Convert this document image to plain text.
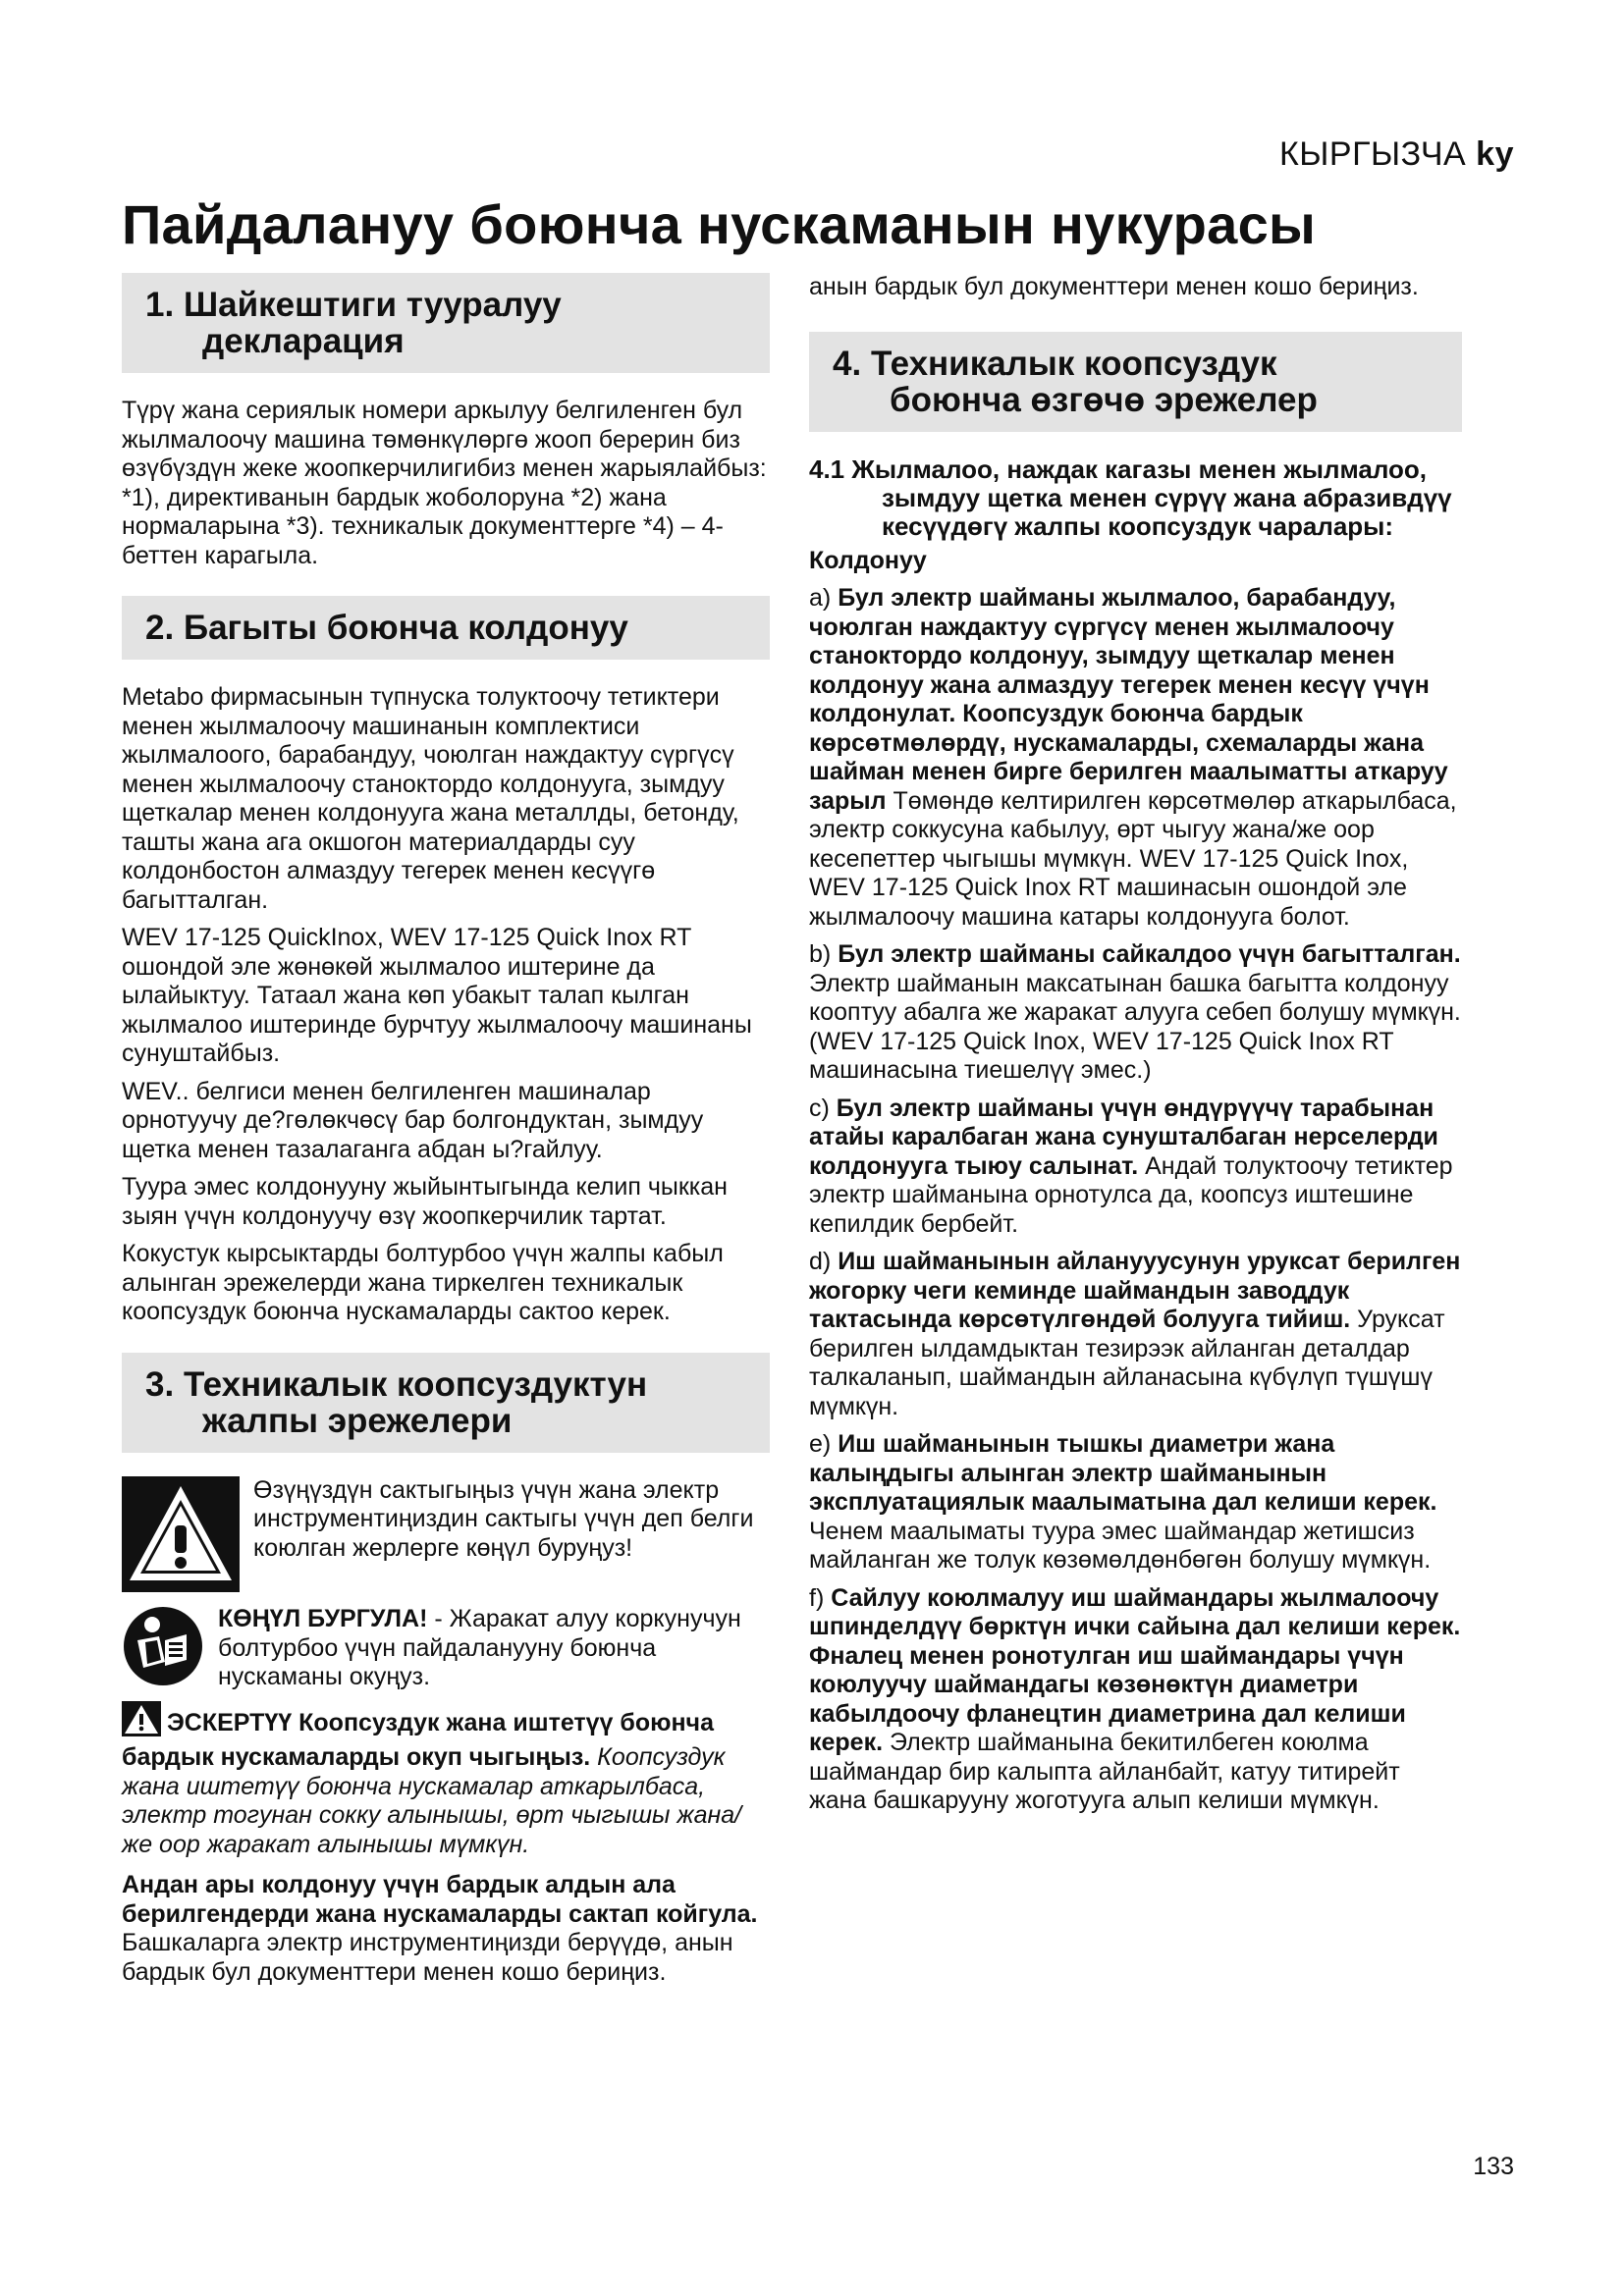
КЫРГЫЗЧА ky
Пайдалануу боюнча нускаманын нукурасы
1. Шайкештиги тууралуу
декларация

Түрү жана сериялык номери аркылуу белгиленген бул жылмалоочу машина төмөнкүлөргө жооп берерин биз өзүбүздүн жеке жоопкерчилигибиз менен жарыялайбыз: *1), директиванын бардык жоболоруна *2) жана нормаларына *3). техникалык документтерге *4) – 4-беттен карагыла.

2. Багыты боюнча колдонуу

Metabo фирмасынын түпнуска толуктоочу тетиктери менен жылмалоочу машинанын комплектиси жылмалоого, барабандуу, чоюлган наждактуу сүргүсү менен жылмалоочу станоктордо колдонууга, зымдуу щеткалар менен колдонууга жана металлды, бетонду, ташты жана ага окшогон материалдарды суу колдонбостон алмаздуу тегерек менен кесүүгө багытталган.

WEV 17-125 QuickInox, WEV 17-125 Quick Inox RT ошондой эле жөнөкөй жылмалоо иштерине да ылайыктуу. Татаал жана көп убакыт талап кылган жылмалоо иштеринде бурчтуу жылмалоочу машинаны сунуштайбыз.

WEV.. белгиси менен белгиленген машиналар орнотуучу де?гөлөкчөсү бар болгондуктан, зымдуу щетка менен тазалаганга абдан ы?гайлуу.

Туура эмес колдонууну жыйынтыгында келип чыккан зыян үчүн колдонуучу өзү жоопкерчилик тартат.

Кокустук кырсыктарды болтурбоо үчүн жалпы кабыл алынган эрежелерди жана тиркелген техникалык коопсуздук боюнча нускамаларды сактоо керек.

3. Техникалык коопсуздуктун
жалпы эрежелери
Өзүңүздүн сактыгыңыз үчүн жана электр инструментиңиздин сактыгы үчүн деп белги коюлган жерлерге көңүл буруңуз!
КӨҢҮЛ БУРГУЛА! - Жаракат алуу коркунучун болтурбоо үчүн пайдаланууну боюнча нускаманы окуңуз.

ЭСКЕРТҮҮ Коопсуздук жана иштетүү боюнча бардык нускамаларды окуп чыгыңыз. Коопсуздук жана иштетүү боюнча нускамалар аткарылбаса, электр тогунан сокку алынышы, өрт чыгышы жана/же оор жаракат алынышы мүмкүн.

Андан ары колдонуу үчүн бардык алдын ала берилгендерди жана нускамаларды сактап койгула.

Башкаларга электр инструментиңизди берүүдө, анын бардык бул документтери менен кошо бериңиз.

анын бардык бул документтери менен кошо бериңиз.

4. Техникалык коопсуздук
боюнча өзгөчө эрежелер

4.1 Жылмалоо, наждак кагазы менен жылмалоо, зымдуу щетка менен сүрүү жана абразивдүү кесүүдөгү жалпы коопсуздук чаралары:

Колдонуу

a) Бул электр шайманы жылмалоо, барабандуу, чоюлган наждактуу сүргүсү менен жылмалоочу станоктордо колдонуу, зымдуу щеткалар менен колдонуу жана алмаздуу тегерек менен кесүү үчүн колдонулат. Коопсуздук боюнча бардык көрсөтмөлөрдү, нускамаларды, схемаларды жана шайман менен бирге берилген маалыматты аткаруу зарыл Төмөндө келтирилген көрсөтмөлөр аткарылбаса, электр соккусуна кабылуу, өрт чыгуу жана/же оор кесепеттер чыгышы мүмкүн. WEV 17-125 Quick Inox, WEV 17-125 Quick Inox RT машинасын ошондой эле жылмалоочу машина катары колдонууга болот.

b) Бул электр шайманы сайкалдоо үчүн багытталган. Электр шайманын максатынан башка багытта колдонуу кооптуу абалга же жаракат алууга себеп болушу мүмкүн. (WEV 17-125 Quick Inox, WEV 17-125 Quick Inox RT машинасына тиешелүү эмес.)

c) Бул электр шайманы үчүн өндүрүүчү тарабынан атайы каралбаган жана сунушталбаган нерселерди колдонууга тыюу салынат. Андай толуктоочу тетиктер электр шайманына орнотулса да, коопсуз иштешине кепилдик бербейт.

d) Иш шайманынын айланууусунун уруксат берилген жогорку чеги кеминде шаймандын заводдук тактасында көрсөтүлгөндөй болууга тийиш. Уруксат берилген ылдамдыктан тезирээк айланган деталдар талкаланып, шаймандын айланасына күбүлүп түшүшү мүмкүн.

e) Иш шайманынын тышкы диаметри жана калыңдыгы алынган электр шайманынын эксплуатациялык маалыматына дал келиши керек. Ченем маалыматы туура эмес шаймандар жетишсиз майланган же толук көзөмөлдөнбөгөн болушу мүмкүн.

f) Сайлуу коюлмалуу иш шаймандары жылмалоочу шпинделдүү бөрктүн ички сайына дал келиши керек. Фналец менен ронотулган иш шаймандары үчүн коюлуучу шаймандагы көзөнөктүн диаметри кабылдоочу фланецтин диаметрина дал келиши керек. Электр шайманына бекитилбеген коюлма шаймандар бир калыпта айланбайт, катуу титирейт жана башкарууну жоготууга алып келиши мүмкүн.

133
